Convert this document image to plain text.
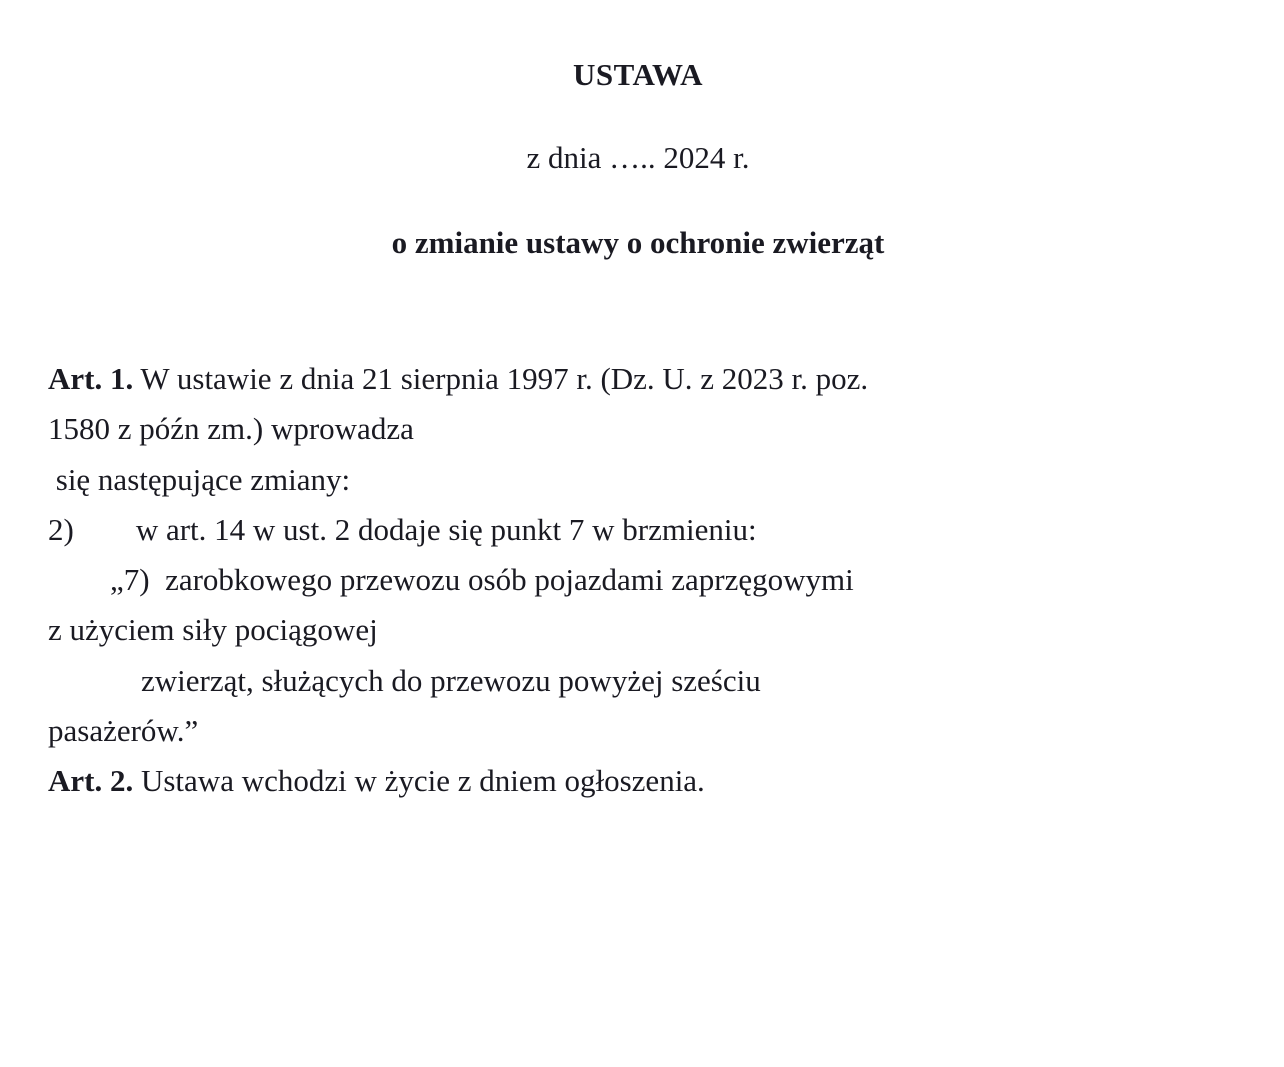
USTAWA

z dnia ….. 2024 r.

o zmianie ustawy o ochronie zwierząt

Art. 1. W ustawie z dnia 21 sierpnia 1997 r. (Dz. U. z 2023 r. poz.

1580 z późn zm.) wprowadza

się następujące zmiany:

2)        w art. 14 w ust. 2 dodaje się punkt 7 w brzmieniu:

„7)  zarobkowego przewozu osób pojazdami zaprzęgowymi

z użyciem siły pociągowej

zwierząt, służących do przewozu powyżej sześciu

pasażerów.”

Art. 2. Ustawa wchodzi w życie z dniem ogłoszenia.
